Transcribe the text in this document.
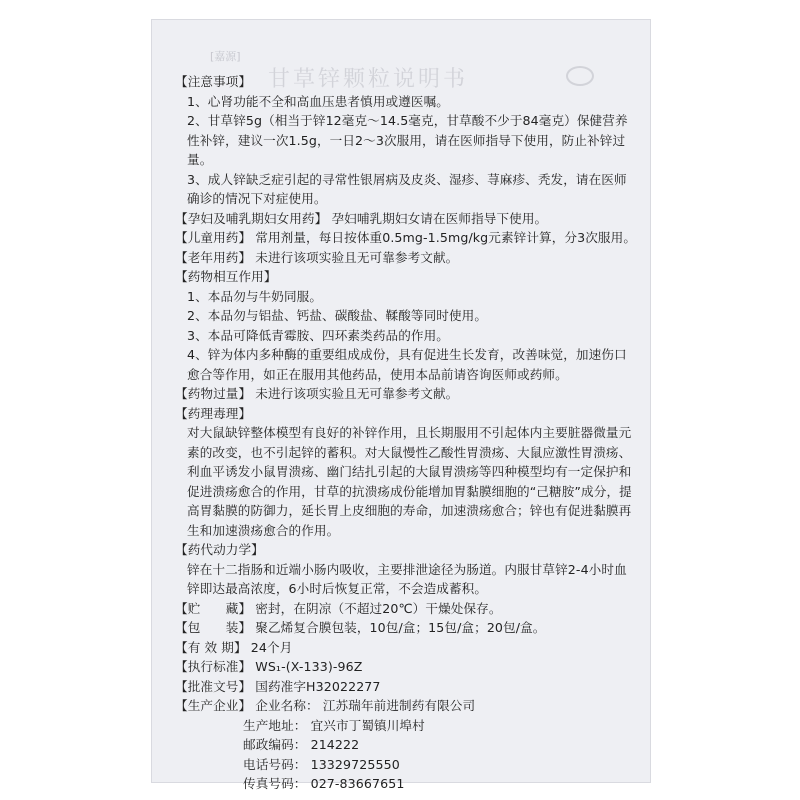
甘草锌颗粒说明书
[嘉源]
【注意事项】
1、心肾功能不全和高血压患者慎用或遵医嘱。
2、甘草锌5g（相当于锌12毫克～14.5毫克，甘草酸不少于84毫克）保健营养性补锌，建议一次1.5g，一日2～3次服用，请在医师指导下使用，防止补锌过量。
3、成人锌缺乏症引起的寻常性银屑病及皮炎、湿疹、荨麻疹、秃发，请在医师确诊的情况下对症使用。
【孕妇及哺乳期妇女用药】 孕妇哺乳期妇女请在医师指导下使用。
【儿童用药】 常用剂量，每日按体重0.5mg-1.5mg/kg元素锌计算，分3次服用。
【老年用药】 未进行该项实验且无可靠参考文献。
【药物相互作用】
1、本品勿与牛奶同服。
2、本品勿与铝盐、钙盐、碳酸盐、鞣酸等同时使用。
3、本品可降低青霉胺、四环素类药品的作用。
4、锌为体内多种酶的重要组成成份，具有促进生长发育，改善味觉，加速伤口愈合等作用，如正在服用其他药品，使用本品前请咨询医师或药师。
【药物过量】 未进行该项实验且无可靠参考文献。
【药理毒理】
对大鼠缺锌整体模型有良好的补锌作用，且长期服用不引起体内主要脏器微量元素的改变，也不引起锌的蓄积。对大鼠慢性乙酸性胃溃疡、大鼠应激性胃溃疡、利血平诱发小鼠胃溃疡、幽门结扎引起的大鼠胃溃疡等四种模型均有一定保护和促进溃疡愈合的作用，甘草的抗溃疡成份能增加胃黏膜细胞的“己糖胺”成分，提高胃黏膜的防御力，延长胃上皮细胞的寿命，加速溃疡愈合；锌也有促进黏膜再生和加速溃疡愈合的作用。
【药代动力学】
锌在十二指肠和近端小肠内吸收，主要排泄途径为肠道。内服甘草锌2-4小时血锌即达最高浓度，6小时后恢复正常，不会造成蓄积。
【贮　　藏】 密封，在阴凉（不超过20℃）干燥处保存。
【包　　装】 聚乙烯复合膜包装，10包/盒；15包/盒；20包/盒。
【有 效 期】 24个月
【执行标准】 WS₁-(X-133)-96Z
【批准文号】 国药准字H32022277
【生产企业】 企业名称： 江苏瑞年前进制药有限公司
生产地址： 宜兴市丁蜀镇川埠村
邮政编码： 214222
电话号码： 13329725550
传真号码： 027-83667651
